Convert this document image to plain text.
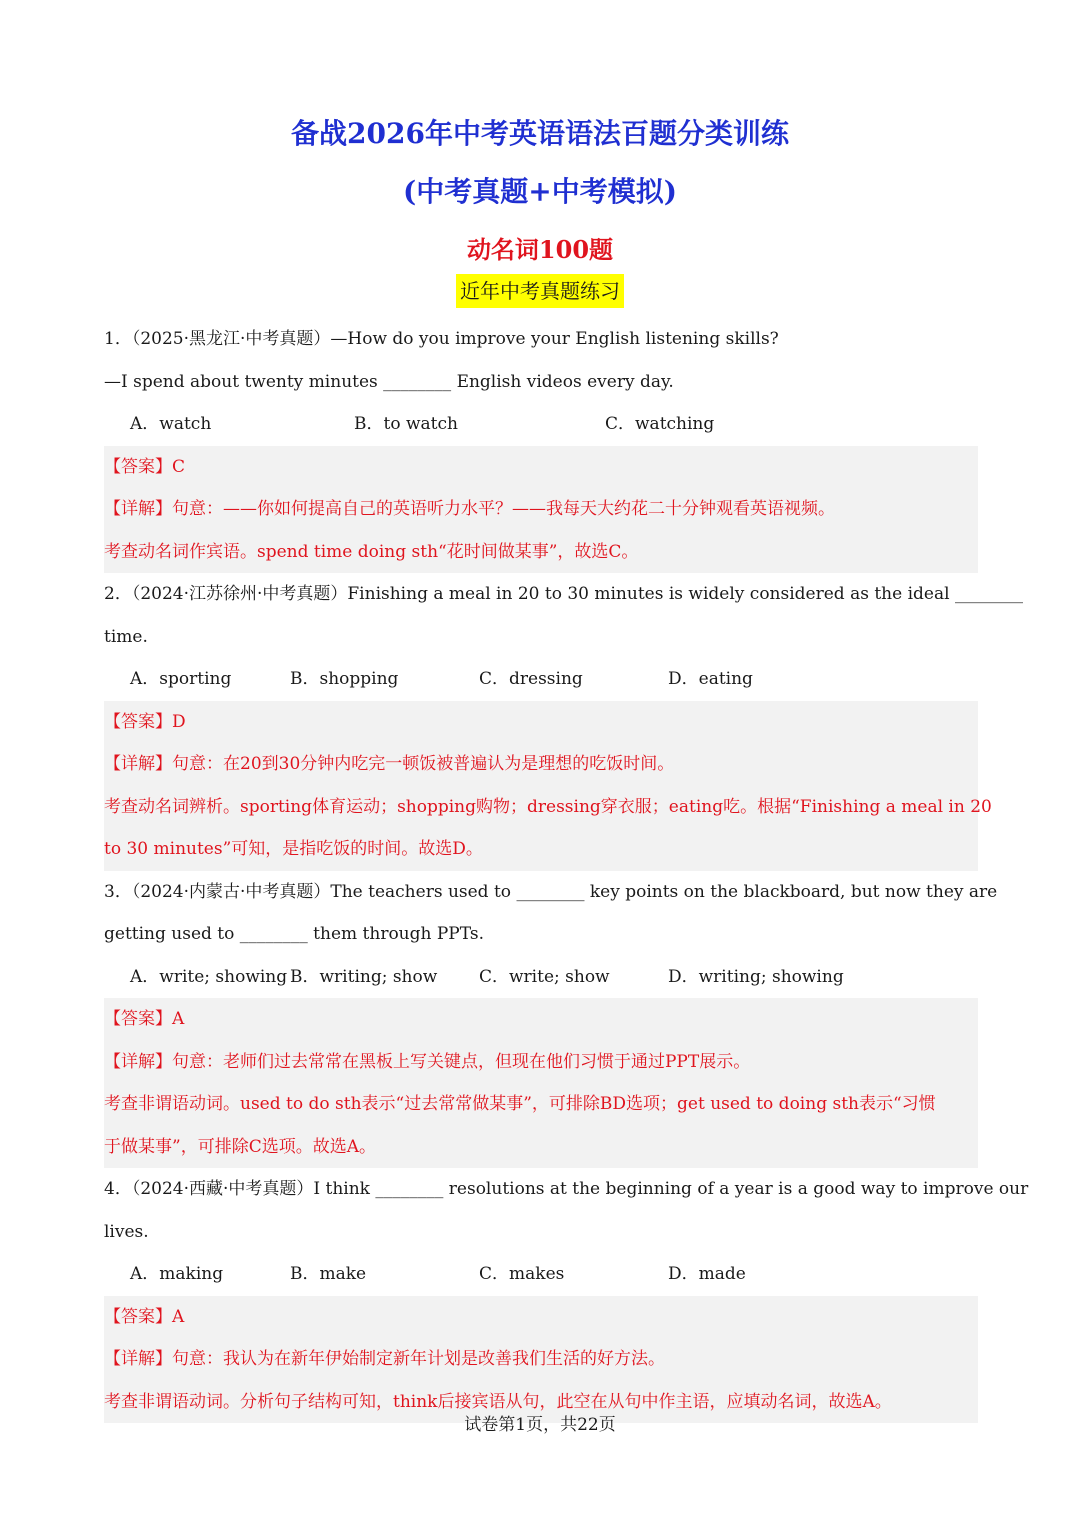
备战2026年中考英语语法百题分类训练
(中考真题+中考模拟)
动名词100题
近年中考真题练习
1．（2025·黑龙江·中考真题）—How do you improve your English listening skills?
—I spend about twenty minutes ________ English videos every day.
A．watch	B．to watch	C．watching
【答案】C
【详解】句意：——你如何提高自己的英语听力水平？——我每天大约花二十分钟观看英语视频。
考查动名词作宾语。spend time doing sth“花时间做某事”，故选C。
2．（2024·江苏徐州·中考真题）Finishing a meal in 20 to 30 minutes is widely considered as the ideal ________
time.
A．sporting	B．shopping	C．dressing	D．eating
【答案】D
【详解】句意：在20到30分钟内吃完一顿饭被普遍认为是理想的吃饭时间。
考查动名词辨析。sporting体育运动；shopping购物；dressing穿衣服；eating吃。根据“Finishing a meal in 20
to 30 minutes”可知，是指吃饭的时间。故选D。
3．（2024·内蒙古·中考真题）The teachers used to ________ key points on the blackboard, but now they are
getting used to ________ them through PPTs.
A．write; showing B．writing; show C．write; show	D．writing; showing
【答案】A
【详解】句意：老师们过去常常在黑板上写关键点，但现在他们习惯于通过PPT展示。
考查非谓语动词。used to do sth表示“过去常常做某事”，可排除BD选项；get used to doing sth表示“习惯
于做某事”，可排除C选项。故选A。
4．（2024·西藏·中考真题）I think ________ resolutions at the beginning of a year is a good way to improve our
lives.
A．making	B．make	C．makes	D．made
【答案】A
【详解】句意：我认为在新年伊始制定新年计划是改善我们生活的好方法。
考查非谓语动词。分析句子结构可知，think后接宾语从句，此空在从句中作主语，应填动名词，故选A。
试卷第1页，共22页
